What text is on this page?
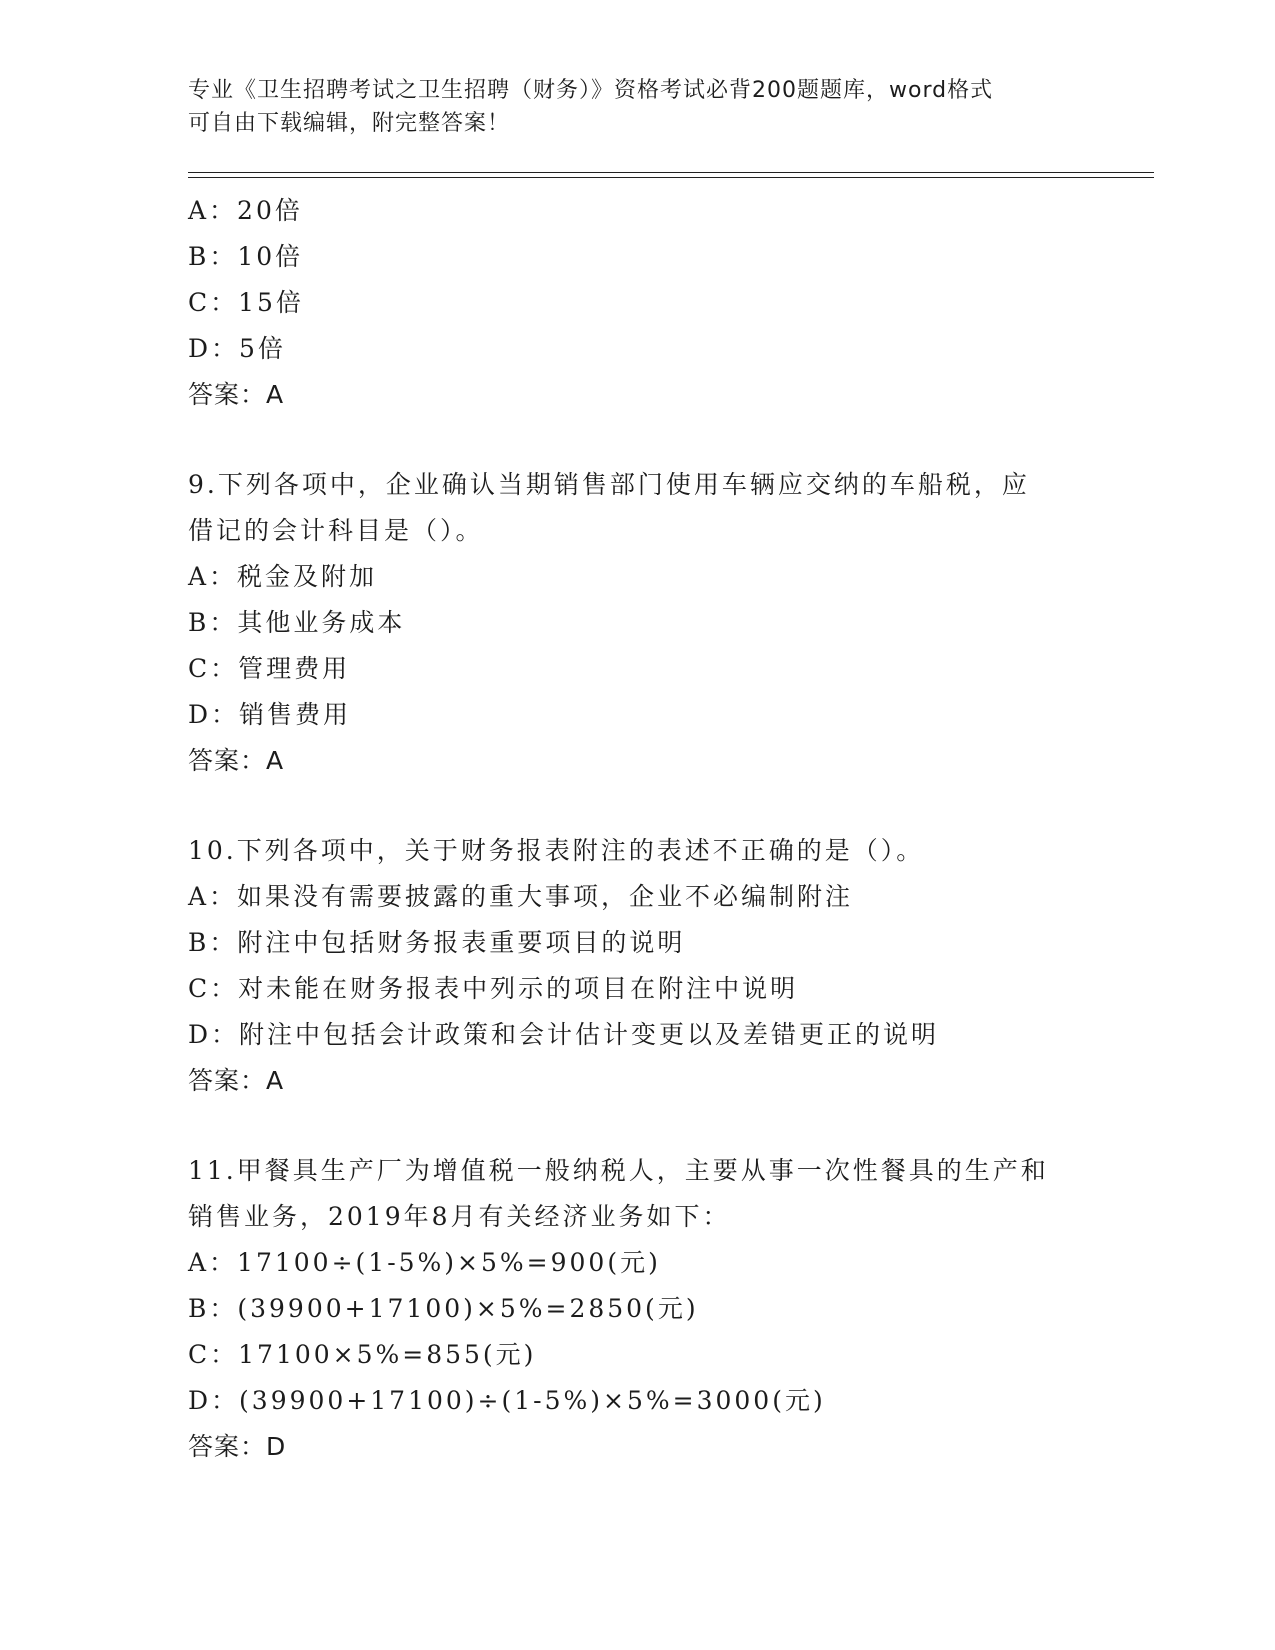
专业《卫生招聘考试之卫生招聘（财务）》资格考试必背200题题库，word格式
可自由下载编辑，附完整答案！
A：20倍
B：10倍
C：15倍
D：5倍
答案：A
9.下列各项中，企业确认当期销售部门使用车辆应交纳的车船税，应
借记的会计科目是（）。
A：税金及附加
B：其他业务成本
C：管理费用
D：销售费用
答案：A
10.下列各项中，关于财务报表附注的表述不正确的是（）。
A：如果没有需要披露的重大事项，企业不必编制附注
B：附注中包括财务报表重要项目的说明
C：对未能在财务报表中列示的项目在附注中说明
D：附注中包括会计政策和会计估计变更以及差错更正的说明
答案：A
11.甲餐具生产厂为增值税一般纳税人，主要从事一次性餐具的生产和
销售业务，2019年8月有关经济业务如下：
A：17100÷(1-5%)×5%=900(元)
B：(39900+17100)×5%=2850(元)
C：17100×5%=855(元)
D：(39900+17100)÷(1-5%)×5%=3000(元)
答案：D
